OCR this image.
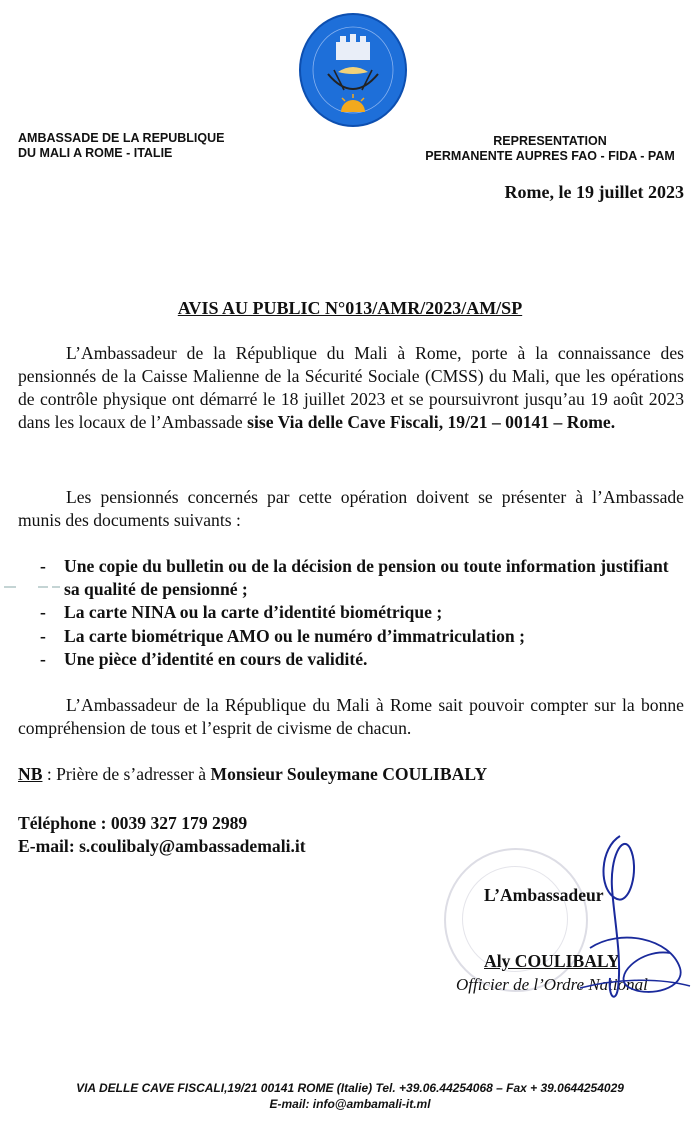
AMBASSADE DE LA REPUBLIQUE
DU MALI A ROME - ITALIE
REPRESENTATION
PERMANENTE AUPRES FAO - FIDA - PAM
Rome, le 19 juillet 2023
AVIS AU PUBLIC N°013/AMR/2023/AM/SP
L’Ambassadeur de la République du Mali à Rome, porte à la connaissance des pensionnés de la Caisse Malienne de la Sécurité Sociale (CMSS) du Mali, que les opérations de contrôle physique ont démarré le 18 juillet 2023 et se poursuivront jusqu’au 19 août 2023 dans les locaux de l’Ambassade sise Via delle Cave Fiscali, 19/21 – 00141 – Rome.
Les pensionnés concernés par cette opération doivent se présenter à l’Ambassade munis des documents suivants :
- Une copie du bulletin ou de la décision de pension ou toute information justifiant sa qualité de pensionné ;
- La carte NINA ou la carte d’identité biométrique ;
- La carte biométrique AMO ou le numéro d’immatriculation ;
- Une pièce d’identité en cours de validité.
L’Ambassadeur de la République du Mali à Rome sait pouvoir compter sur la bonne compréhension de tous et l’esprit de civisme de chacun.
NB : Prière de s’adresser à Monsieur Souleymane COULIBALY
Téléphone : 0039 327 179 2989
E-mail: s.coulibaly@ambassademali.it
L’Ambassadeur
Aly COULIBALY
Officier de l’Ordre National
VIA DELLE CAVE FISCALI,19/21 00141 ROME (Italie) Tel. +39.06.44254068 – Fax + 39.0644254029
E-mail: info@ambamali-it.ml
